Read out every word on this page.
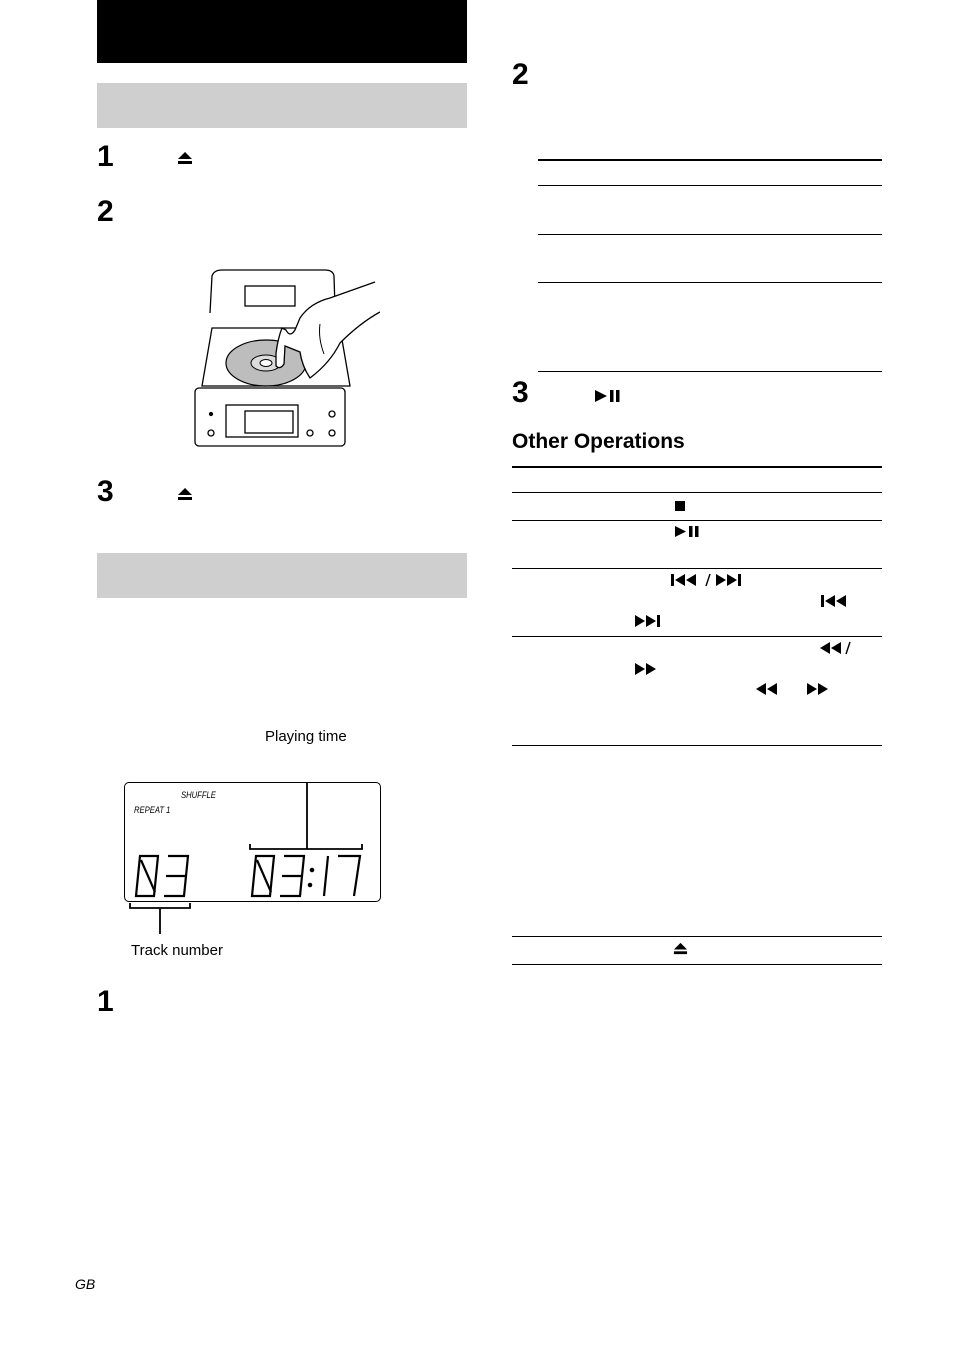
1
2
3
Playing time
Track number
SHUFFLE
REPEAT 1
1
2
3
Other Operations
GB
